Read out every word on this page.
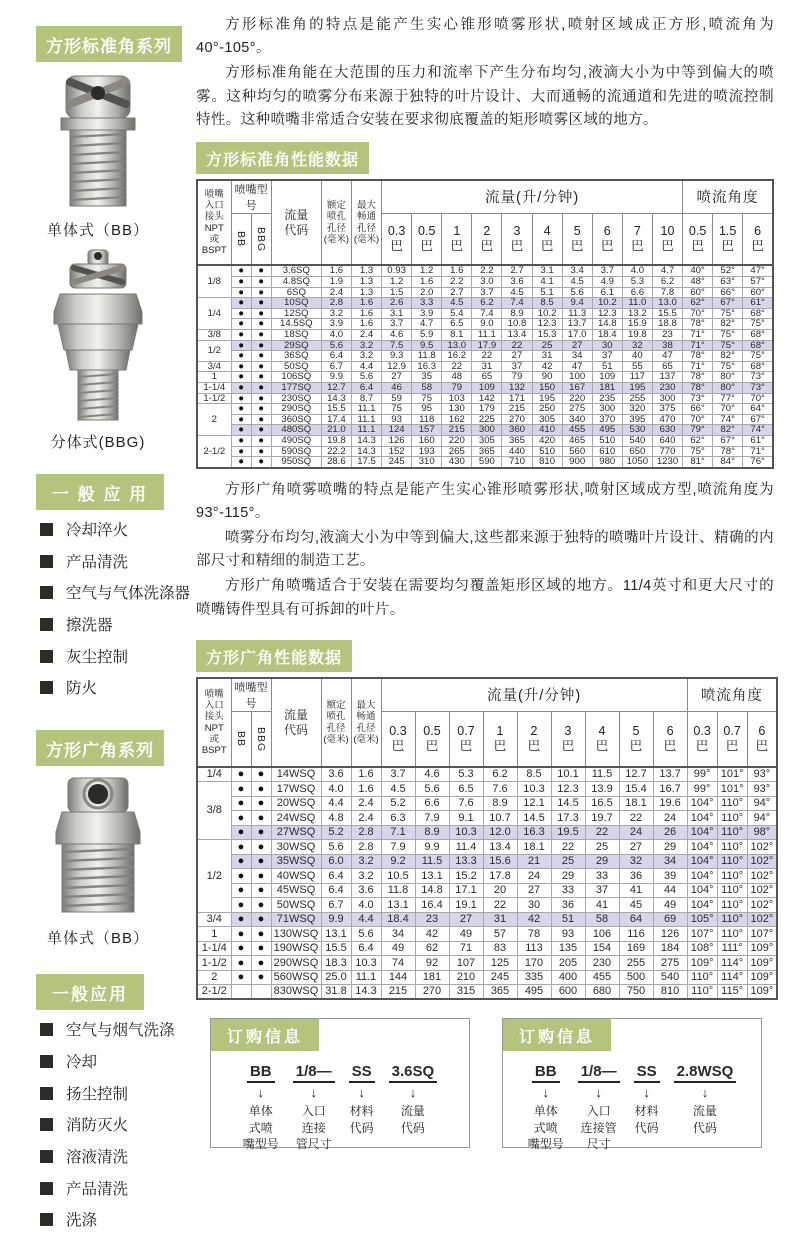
方形标准角系列
单体式（BB）
分体式(BBG)
一 般 应 用
冷却淬火
产品清洗
空气与气体洗涤器
擦洗器
灰尘控制
防火
方形广角系列
单体式（BB）
一般应用
空气与烟气洗涤
冷却
扬尘控制
消防灭火
溶液清洗
产品清洗
洗涤

方形标准角的特点是能产生实心锥形喷雾形状,喷射区域成正方形,喷流角为40°-105°。

方形标准角能在大范围的压力和流率下产生分布均匀,液滴大小为中等到偏大的喷雾。这种均匀的喷雾分布来源于独特的叶片设计、大而通畅的流通道和先进的喷流控制特性。这种喷嘴非常适合安装在要求彻底覆盖的矩形喷雾区域的地方。

方形标准角性能数据
喷嘴
入口
接头
NPT
或
BSPT

喷嘴型号

流量
代码

额定
喷孔
孔径
(毫米)

最大
畅通
孔径
(毫米)

流量(升/分钟)	喷流角度

BB	BBG	0.3
巴

0.5
巴

1
巴

2
巴

3
巴

4
巴

5
巴

6
巴

7
巴

10
巴

0.5
巴

1.5
巴

6
巴

1/8	●	●	3.6SQ	1.6	1.3	0.93	1.2	1.6	2.2	2.7	3.1	3.4	3.7	4.0	4.7	40°	52°	47°
	●	●	4.8SQ	1.9	1.3	1.2	1.6	2.2	3.0	3.6	4.1	4.5	4.9	5.3	6.2	48°	63°	57°
	●	●	6SQ	2.4	1.3	1.5	2.0	2.7	3.7	4.5	5.1	5.6	6.1	6.6	7.8	60°	66°	60°
1/4	●	●	10SQ	2.8	1.6	2.6	3.3	4.5	6.2	7.4	8.5	9.4	10.2	11.0	13.0	62°	67°	61°
	●	●	12SQ	3.2	1.6	3.1	3.9	5.4	7.4	8.9	10.2	11.3	12.3	13.2	15.5	70°	75°	68°
	●	●	14.5SQ	3.9	1.6	3.7	4.7	6.5	9.0	10.8	12.3	13.7	14.8	15.9	18.8	78°	82°	75°
3/8	●	●	18SQ	4.0	2.4	4.6	5.9	8.1	11.1	13.4	15.3	17.0	18.4	19.8	23	71°	75°	68°
1/2	●	●	29SQ	5.6	3.2	7.5	9.5	13.0	17.9	22	25	27	30	32	38	71°	75°	68°
	●	●	36SQ	6.4	3.2	9.3	11.8	16.2	22	27	31	34	37	40	47	78°	82°	75°
3/4	●	●	50SQ	6.7	4.4	12.9	16.3	22	31	37	42	47	51	55	65	71°	75°	68°
1	●	●	106SQ	9.9	5.6	27	35	48	65	79	90	100	109	117	137	78°	80°	73°
1-1/4	●	●	177SQ	12.7	6.4	46	58	79	109	132	150	167	181	195	230	78°	80°	73°
1-1/2	●	●	230SQ	14.3	8.7	59	75	103	142	171	195	220	235	255	300	73°	77°	70°
2	●	●	290SQ	15.5	11.1	75	95	130	179	215	250	275	300	320	375	66°	70°	64°
	●	●	360SQ	17.4	11.1	93	118	162	225	270	305	340	370	395	470	70°	74°	67°
	●	●	480SQ	21.0	11.1	124	157	215	300	360	410	455	495	530	630	79°	82°	74°
2-1/2	●	●	490SQ	19.8	14.3	126	160	220	305	365	420	465	510	540	640	62°	67°	61°
	●	●	590SQ	22.2	14.3	152	193	265	365	440	510	560	610	650	770	75°	78°	71°
	●	●	950SQ	28.6	17.5	245	310	430	590	710	810	900	980	1050	1230	81°	84°	76°

方形广角喷雾喷嘴的特点是能产生实心锥形喷雾形状,喷射区域成方型,喷流角度为93°-115°。

喷雾分布均匀,液滴大小为中等到偏大,这些都来源于独特的喷嘴叶片设计、精确的内部尺寸和精细的制造工艺。

方形广角喷嘴适合于安装在需要均匀覆盖矩形区域的地方。11/4英寸和更大尺寸的喷嘴铸件型具有可拆卸的叶片。

方形广角性能数据
喷嘴
入口
接头
NPT
或
BSPT

喷嘴型号

流量
代码

额定
喷孔
孔径
(毫米)

最大
畅通
孔径
(毫米)

流量(升/分钟)	喷流角度

BB	BBG	0.3
巴

0.5
巴

0.7
巴

1
巴

2
巴

3
巴

4
巴

5
巴

6
巴

0.3
巴

0.7
巴

6
巴

1/4	●	●	14WSQ	3.6	1.6	3.7	4.6	5.3	6.2	8.5	10.1	11.5	12.7	13.7	99°	101°	93°
3/8	●	●	17WSQ	4.0	1.6	4.5	5.6	6.5	7.6	10.3	12.3	13.9	15.4	16.7	99°	101°	93°
	●	●	20WSQ	4.4	2.4	5.2	6.6	7.6	8.9	12.1	14.5	16.5	18.1	19.6	104°	110°	94°
	●	●	24WSQ	4.8	2.4	6.3	7.9	9.1	10.7	14.5	17.3	19.7	22	24	104°	110°	94°
	●	●	27WSQ	5.2	2.8	7.1	8.9	10.3	12.0	16.3	19.5	22	24	26	104°	110°	98°
1/2	●	●	30WSQ	5.6	2.8	7.9	9.9	11.4	13.4	18.1	22	25	27	29	104°	110°	102°
	●	●	35WSQ	6.0	3.2	9.2	11.5	13.3	15.6	21	25	29	32	34	104°	110°	102°
	●	●	40WSQ	6.4	3.2	10.5	13.1	15.2	17.8	24	29	33	36	39	104°	110°	102°
	●	●	45WSQ	6.4	3.6	11.8	14.8	17.1	20	27	33	37	41	44	104°	110°	102°
	●	●	50WSQ	6.7	4.0	13.1	16.4	19.1	22	30	36	41	45	49	104°	110°	102°
3/4	●	●	71WSQ	9.9	4.4	18.4	23	27	31	42	51	58	64	69	105°	110°	102°
1	●	●	130WSQ	13.1	5.6	34	42	49	57	78	93	106	116	126	107°	110°	107°
1-1/4	●	●	190WSQ	15.5	6.4	49	62	71	83	113	135	154	169	184	108°	111°	109°
1-1/2	●	●	290WSQ	18.3	10.3	74	92	107	125	170	205	230	255	275	109°	114°	109°
2	●	●	560WSQ	25.0	11.1	144	181	210	245	335	400	455	500	540	110°	114°	109°
2-1/2			830WSQ	31.8	14.3	215	270	315	365	495	600	680	750	810	110°	115°	109°
订购信息
BB
↓
单体
式喷
嘴型号
1/8—
↓
入口
连接
管尺寸
SS
↓
材料
代码
3.6SQ
↓
流量
代码
订购信息
BB
↓
单体
式喷
嘴型号
1/8—
↓
入口
连接管
尺寸
SS
↓
材料
代码
2.8WSQ
↓
流量
代码
